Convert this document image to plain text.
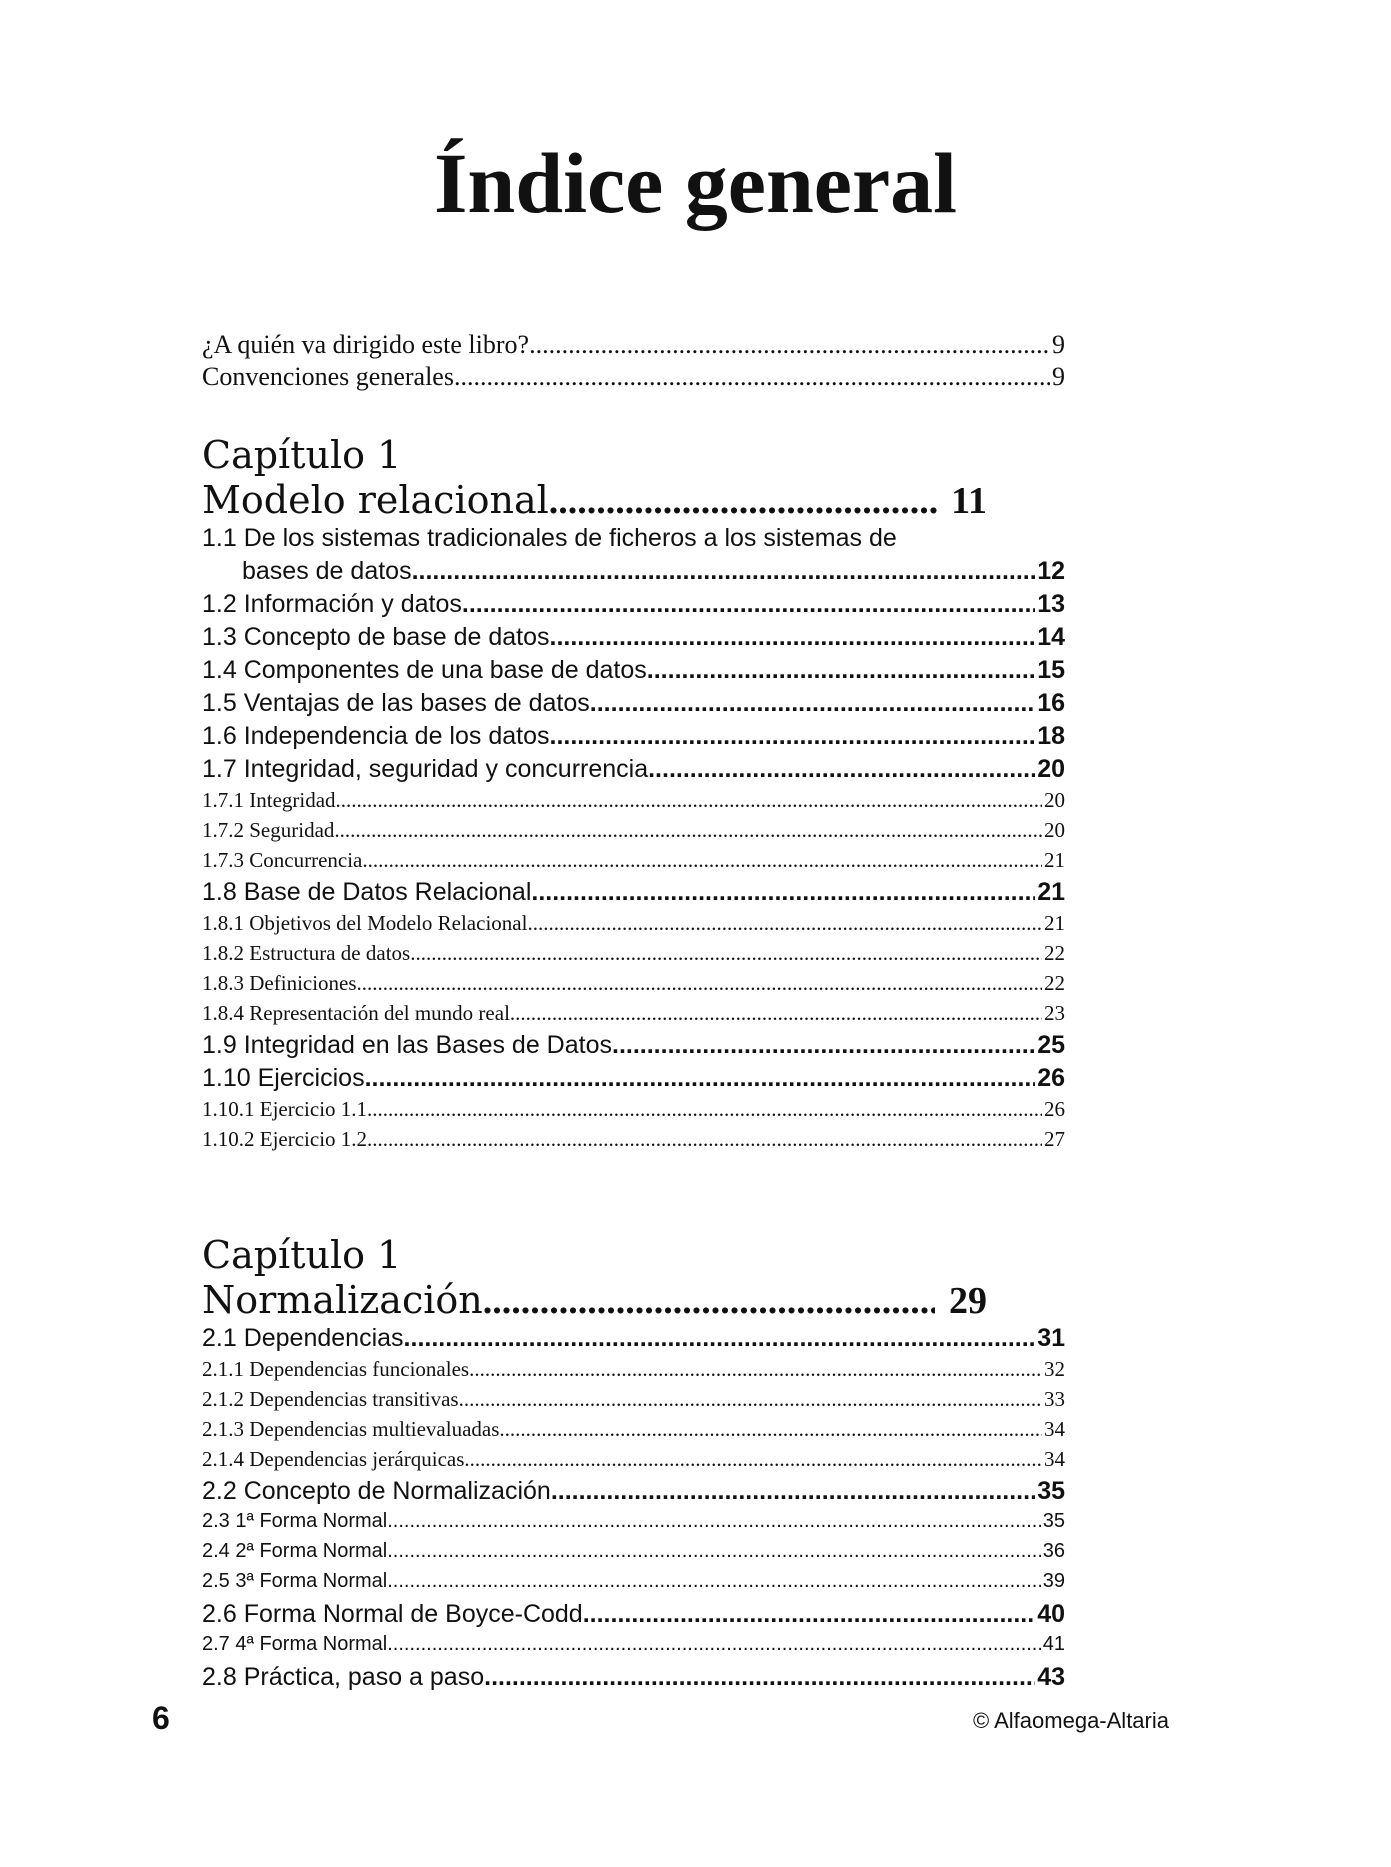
Índice general
¿A quién va dirigido este libro? .....	9
Convenciones generales .....	9
Capítulo 1
Modelo relacional .....	11
1.1 De los sistemas tradicionales de ficheros a los sistemas de
bases de datos .....	12
1.2 Información y datos .....	13
1.3 Concepto de base de datos .....	14
1.4 Componentes de una base de datos .....	15
1.5 Ventajas de las bases de datos .....	16
1.6 Independencia de los datos .....	18
1.7 Integridad, seguridad y concurrencia .....	20
1.7.1 Integridad .....	20
1.7.2 Seguridad .....	20
1.7.3 Concurrencia .....	21
1.8 Base de Datos Relacional .....	21
1.8.1 Objetivos del Modelo Relacional .....	21
1.8.2 Estructura de datos .....	22
1.8.3 Definiciones .....	22
1.8.4 Representación del mundo real .....	23
1.9 Integridad en las Bases de Datos .....	25
1.10 Ejercicios .....	26
1.10.1 Ejercicio 1.1 .....	26
1.10.2 Ejercicio 1.2 .....	27
Capítulo 1
Normalización .....	29
2.1 Dependencias .....	31
2.1.1 Dependencias funcionales .....	32
2.1.2 Dependencias transitivas .....	33
2.1.3 Dependencias multievaluadas .....	34
2.1.4 Dependencias jerárquicas .....	34
2.2 Concepto de Normalización .....	35
2.3 1ª Forma Normal .....	35
2.4 2ª Forma Normal .....	36
2.5 3ª Forma Normal .....	39
2.6 Forma Normal de Boyce-Codd .....	40
2.7 4ª Forma Normal .....	41
2.8 Práctica, paso a paso .....	43
6	© Alfaomega-Altaria
